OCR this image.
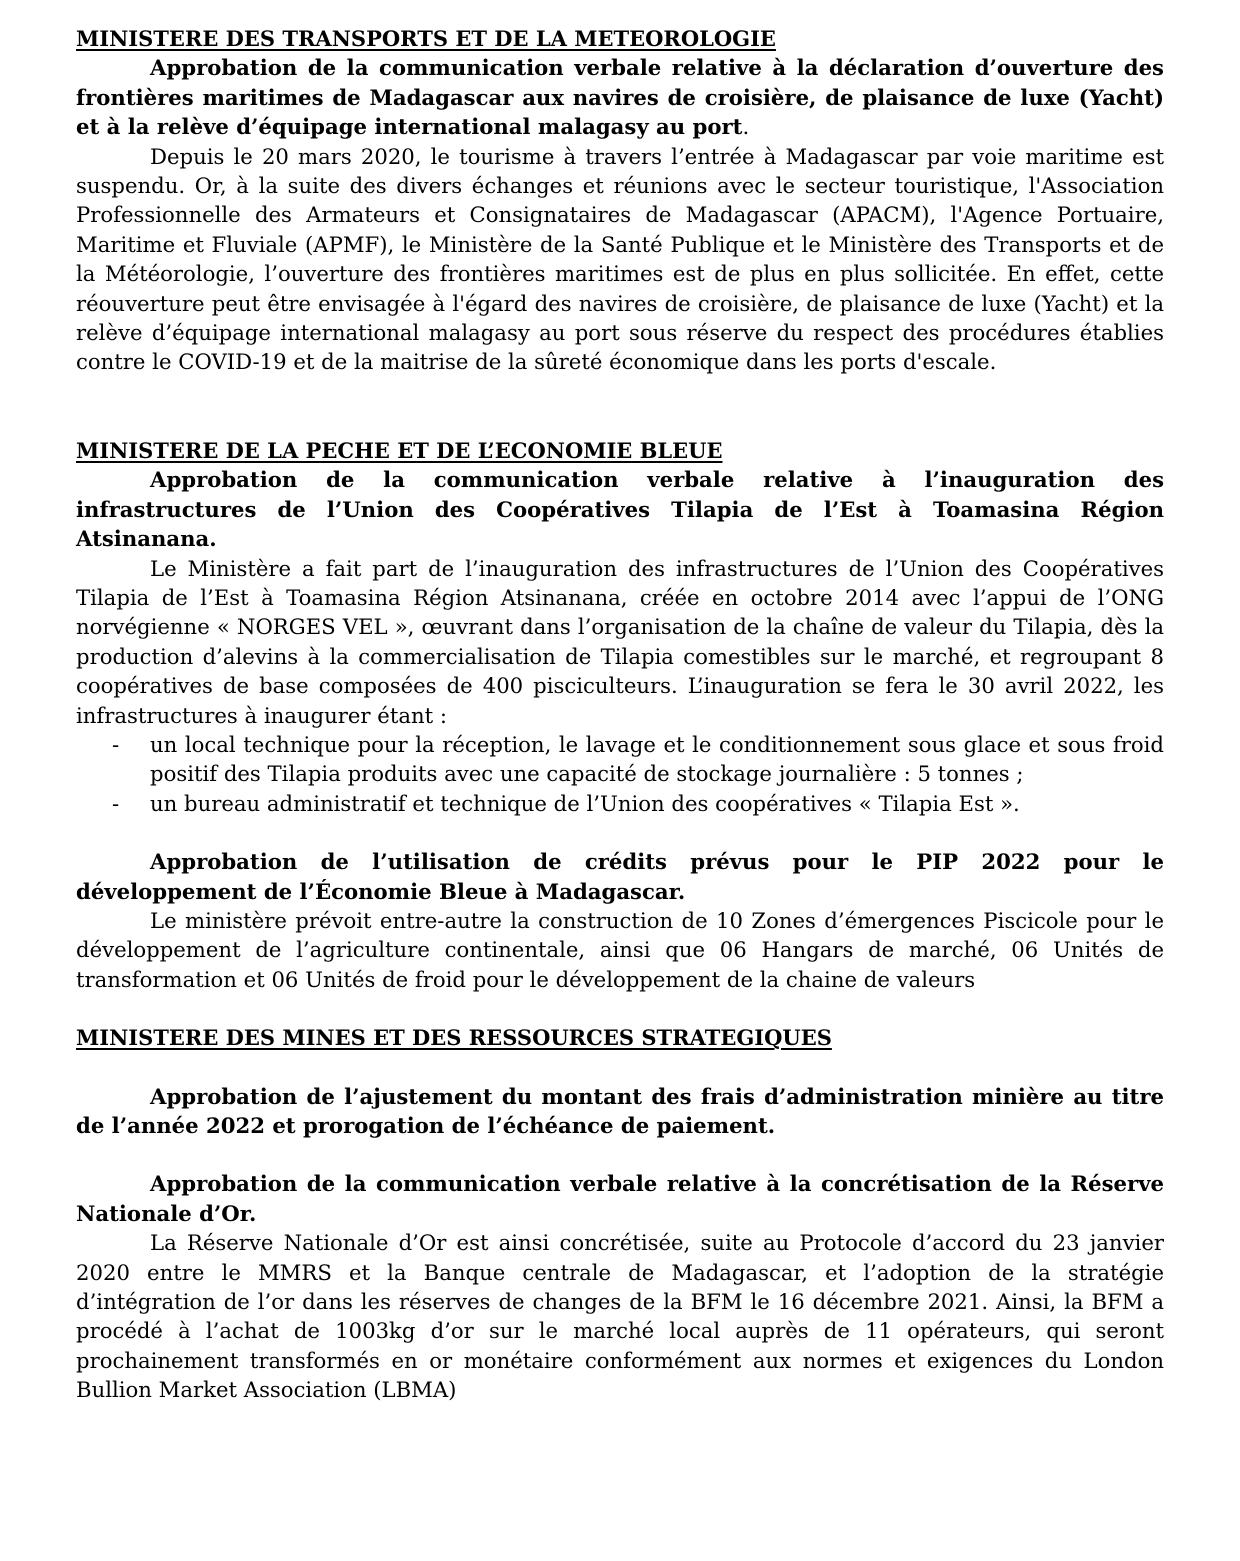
MINISTERE DES TRANSPORTS ET DE LA METEOROLOGIE

Approbation de la communication verbale relative à la déclaration d’ouverture des frontières maritimes de Madagascar aux navires de croisière, de plaisance de luxe (Yacht) et à la relève d’équipage international malagasy au port.

Depuis le 20 mars 2020, le tourisme à travers l’entrée à Madagascar par voie maritime est suspendu. Or, à la suite des divers échanges et réunions avec le secteur touristique, l'Association Professionnelle des Armateurs et Consignataires de Madagascar (APACM), l'Agence Portuaire, Maritime et Fluviale (APMF), le Ministère de la Santé Publique et le Ministère des Transports et de la Météorologie, l’ouverture des frontières maritimes est de plus en plus sollicitée. En effet, cette réouverture peut être envisagée à l'égard des navires de croisière, de plaisance de luxe (Yacht) et la relève d’équipage international malagasy au port sous réserve du respect des procédures établies contre le COVID-19 et de la maitrise de la sûreté économique dans les ports d'escale.

MINISTERE DE LA PECHE ET DE L’ECONOMIE BLEUE

Approbation de la communication verbale relative à l’inauguration des infrastructures de l’Union des Coopératives Tilapia de l’Est à Toamasina Région Atsinanana.

Le Ministère a fait part de l’inauguration des infrastructures de l’Union des Coopératives Tilapia de l’Est à Toamasina Région Atsinanana, créée en octobre 2014 avec l’appui de l’ONG norvégienne « NORGES VEL », œuvrant dans l’organisation de la chaîne de valeur du Tilapia, dès la production d’alevins à la commercialisation de Tilapia comestibles sur le marché, et regroupant 8 coopératives de base composées de 400 pisciculteurs. L’inauguration se fera le 30 avril 2022, les infrastructures à inaugurer étant :

- un local technique pour la réception, le lavage et le conditionnement sous glace et sous froid positif des Tilapia produits avec une capacité de stockage journalière : 5 tonnes ;
- un bureau administratif et technique de l’Union des coopératives « Tilapia Est ».

Approbation de l’utilisation de crédits prévus pour le PIP 2022 pour le développement de l’Économie Bleue à Madagascar.

Le ministère prévoit entre-autre la construction de 10 Zones d’émergences Piscicole pour le développement de l’agriculture continentale, ainsi que 06 Hangars de marché, 06 Unités de transformation et 06 Unités de froid pour le développement de la chaine de valeurs

MINISTERE DES MINES ET DES RESSOURCES STRATEGIQUES

Approbation de l’ajustement du montant des frais d’administration minière au titre de l’année 2022 et prorogation de l’échéance de paiement.

Approbation de la communication verbale relative à la concrétisation de la Réserve Nationale d’Or.

La Réserve Nationale d’Or est ainsi concrétisée, suite au Protocole d’accord du 23 janvier 2020 entre le MMRS et la Banque centrale de Madagascar, et l’adoption de la stratégie d’intégration de l’or dans les réserves de changes de la BFM le 16 décembre 2021. Ainsi, la BFM a procédé à l’achat de 1003kg d’or sur le marché local auprès de 11 opérateurs, qui seront prochainement transformés en or monétaire conformément aux normes et exigences du London Bullion Market Association (LBMA)
